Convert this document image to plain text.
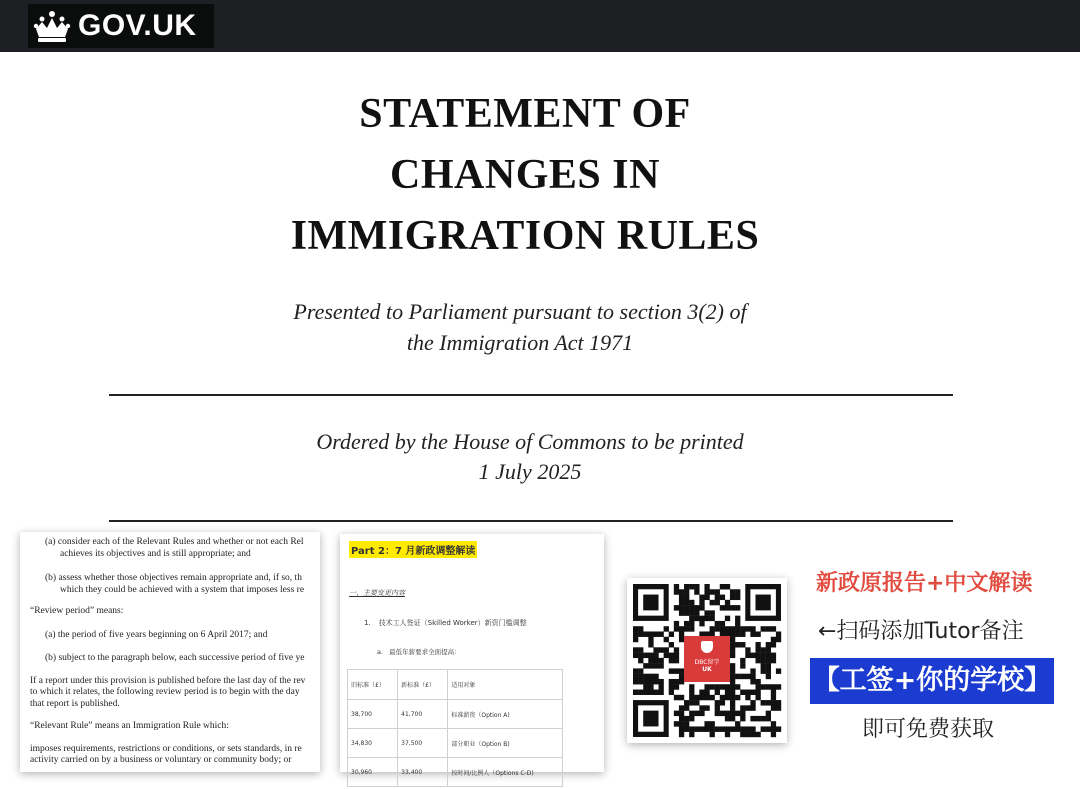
GOV.UK
STATEMENT OF
CHANGES IN
IMMIGRATION RULES
Presented to Parliament pursuant to section 3(2) of
the Immigration Act 1971
Ordered by the House of Commons to be printed
1 July 2025

(a) consider each of the Relevant Rules and whether or not each Rel

achieves its objectives and is still appropriate; and

(b) assess whether those objectives remain appropriate and, if so, th

which they could be achieved with a system that imposes less re

“Review period” means:

(a) the period of five years beginning on 6 April 2017; and

(b) subject to the paragraph below, each successive period of five ye

If a report under this provision is published before the last day of the rev

to which it relates, the following review period is to begin with the day

that report is published.

“Relevant Rule” means an Immigration Rule which:

imposes requirements, restrictions or conditions, or sets standards, in re

activity carried on by a business or voluntary or community body; or

Part 2：7 月新政调整解读
一、主要变更内容
1. 技术工人签证（Skilled Worker）新资门槛调整
a. 最低年薪要求全面提高：
旧标准（£）	新标准（£）	适用对象
38,700	41,700	标准薪资（Option A)
34,830	37,500	部分职业（Option B)
30,960	33,400	按时间/比例人（Options C-D)
DBC留学
UK
新政原报告+中文解读
←扫码添加Tutor备注
【工签+你的学校】
即可免费获取
